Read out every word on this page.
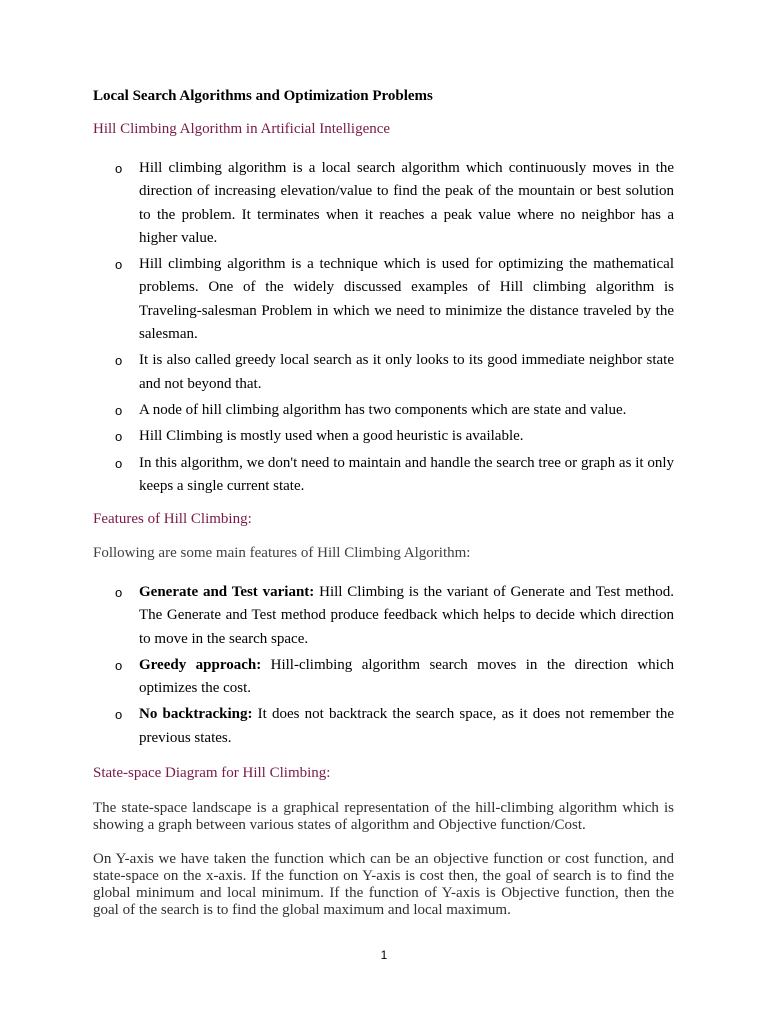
Local Search Algorithms and Optimization Problems

Hill Climbing Algorithm in Artificial Intelligence

o Hill climbing algorithm is a local search algorithm which continuously moves in the direction of increasing elevation/value to find the peak of the mountain or best solution to the problem. It terminates when it reaches a peak value where no neighbor has a higher value.
o Hill climbing algorithm is a technique which is used for optimizing the mathematical problems. One of the widely discussed examples of Hill climbing algorithm is Traveling-salesman Problem in which we need to minimize the distance traveled by the salesman.
o It is also called greedy local search as it only looks to its good immediate neighbor state and not beyond that.
o A node of hill climbing algorithm has two components which are state and value.
o Hill Climbing is mostly used when a good heuristic is available.
o In this algorithm, we don't need to maintain and handle the search tree or graph as it only keeps a single current state.

Features of Hill Climbing:

Following are some main features of Hill Climbing Algorithm:

o Generate and Test variant: Hill Climbing is the variant of Generate and Test method. The Generate and Test method produce feedback which helps to decide which direction to move in the search space.
o Greedy approach: Hill-climbing algorithm search moves in the direction which optimizes the cost.
o No backtracking: It does not backtrack the search space, as it does not remember the previous states.

State-space Diagram for Hill Climbing:

The state-space landscape is a graphical representation of the hill-climbing algorithm which is showing a graph between various states of algorithm and Objective function/Cost.

On Y-axis we have taken the function which can be an objective function or cost function, and state-space on the x-axis. If the function on Y-axis is cost then, the goal of search is to find the global minimum and local minimum. If the function of Y-axis is Objective function, then the goal of the search is to find the global maximum and local maximum.

1
